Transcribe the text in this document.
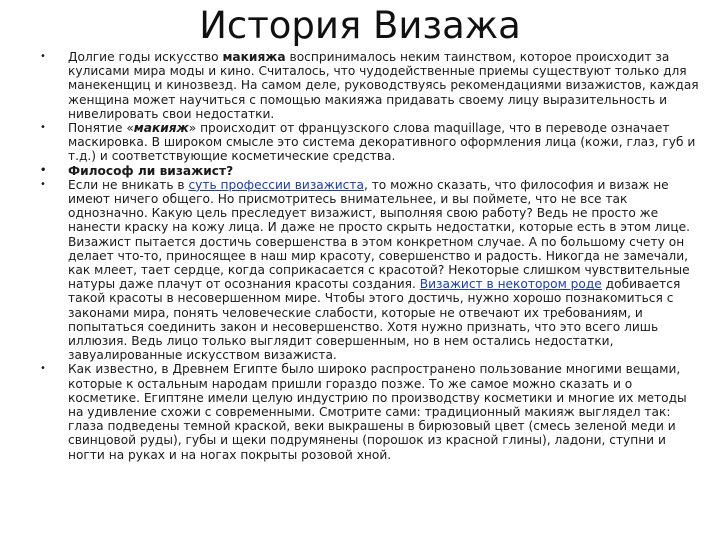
История Визажа
• Долгие годы искусство макияжа воспринималось неким таинством, которое происходит за кулисами мира моды и кино. Считалось, что чудодейственные приемы существуют только для манекенщиц и кинозвезд. На самом деле, руководствуясь рекомендациями визажистов, каждая женщина может научиться с помощью макияжа придавать своему лицу выразительность и нивелировать свои недостатки.
• Понятие «макияж» происходит от французского слова maquillage, что в переводе означает маскировка. В широком смысле это система декоративного оформления лица (кожи, глаз, губ и т.д.) и соответствующие косметические средства.
• Философ ли визажист?
• Если не вникать в суть профессии визажиста, то можно сказать, что философия и визаж не имеют ничего общего. Но присмотритесь внимательнее, и вы поймете, что не все так однозначно. Какую цель преследует визажист, выполняя свою работу? Ведь не просто же нанести краску на кожу лица. И даже не просто скрыть недостатки, которые есть в этом лице. Визажист пытается достичь совершенства в этом конкретном случае. А по большому счету он делает что-то, приносящее в наш мир красоту, совершенство и радость. Никогда не замечали, как млеет, тает сердце, когда соприкасается с красотой? Некоторые слишком чувствительные натуры даже плачут от осознания красоты создания. Визажист в некотором роде добивается такой красоты в несовершенном мире. Чтобы этого достичь, нужно хорошо познакомиться с законами мира, понять человеческие слабости, которые не отвечают их требованиям, и попытаться соединить закон и несовершенство. Хотя нужно признать, что это всего лишь иллюзия. Ведь лицо только выглядит совершенным, но в нем остались недостатки, завуалированные искусством визажиста.
• Как известно, в Древнем Египте было широко распространено пользование многими вещами, которые к остальным народам пришли гораздо позже. То же самое можно сказать и о косметике. Египтяне имели целую индустрию по производству косметики и многие их методы на удивление схожи с современными. Смотрите сами: традиционный макияж выглядел так: глаза подведены темной краской, веки выкрашены в бирюзовый цвет (смесь зеленой меди и свинцовой руды), губы и щеки подрумянены (порошок из красной глины), ладони, ступни и ногти на руках и на ногах покрыты розовой хной.
